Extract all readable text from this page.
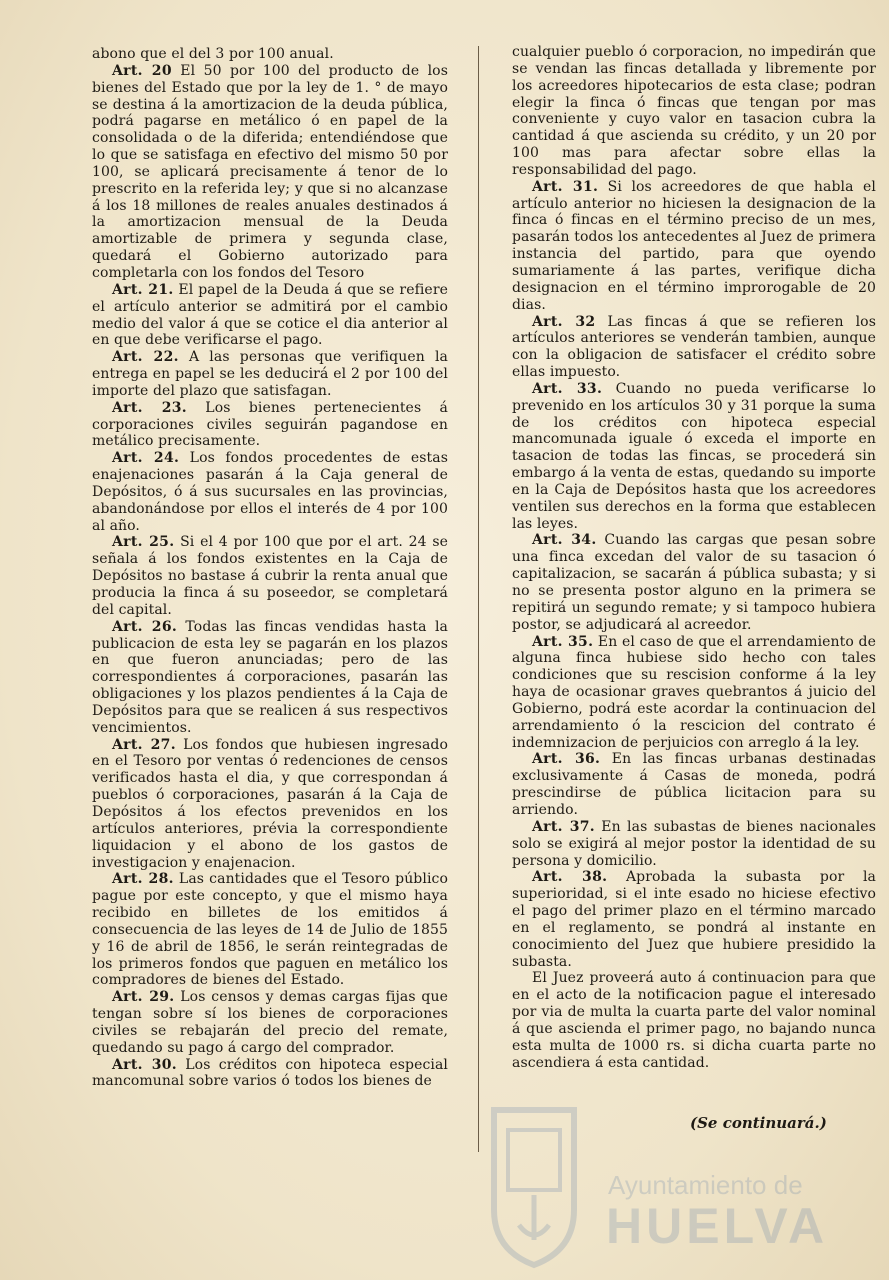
abono que el del 3 por 100 anual.

Art. 20 El 50 por 100 del producto de los bienes del Estado que por la ley de 1. ° de mayo se destina á la amortizacion de la deuda pública, podrá pagarse en metálico ó en papel de la consolidada o de la diferida; entendiéndose que lo que se satisfaga en efectivo del mismo 50 por 100, se aplicará precisamente á tenor de lo prescrito en la referida ley; y que si no alcanzase á los 18 millones de reales anuales destinados á la amortizacion mensual de la Deuda amortizable de primera y segunda clase, quedará el Gobierno autorizado para completarla con los fondos del Tesoro

Art. 21. El papel de la Deuda á que se refiere el artículo anterior se admitirá por el cambio medio del valor á que se cotice el dia anterior al en que debe verificarse el pago.

Art. 22. A las personas que verifiquen la entrega en papel se les deducirá el 2 por 100 del importe del plazo que satisfagan.

Art. 23. Los bienes pertenecientes á corporaciones civiles seguirán pagandose en metálico precisamente.

Art. 24. Los fondos procedentes de estas enajenaciones pasarán á la Caja general de Depósitos, ó á sus sucursales en las provincias, abandonándose por ellos el interés de 4 por 100 al año.

Art. 25. Si el 4 por 100 que por el art. 24 se señala á los fondos existentes en la Caja de Depósitos no bastase á cubrir la renta anual que producia la finca á su poseedor, se completará del capital.

Art. 26. Todas las fincas vendidas hasta la publicacion de esta ley se pagarán en los plazos en que fueron anunciadas; pero de las correspondientes á corporaciones, pasarán las obligaciones y los plazos pendientes á la Caja de Depósitos para que se realicen á sus respectivos vencimientos.

Art. 27. Los fondos que hubiesen ingresado en el Tesoro por ventas ó redenciones de censos verificados hasta el dia, y que correspondan á pueblos ó corporaciones, pasarán á la Caja de Depósitos á los efectos prevenidos en los artículos anteriores, prévia la correspondiente liquidacion y el abono de los gastos de investigacion y enajenacion.

Art. 28. Las cantidades que el Tesoro público pague por este concepto, y que el mismo haya recibido en billetes de los emitidos á consecuencia de las leyes de 14 de Julio de 1855 y 16 de abril de 1856, le serán reintegradas de los primeros fondos que paguen en metálico los compradores de bienes del Estado.

Art. 29. Los censos y demas cargas fijas que tengan sobre sí los bienes de corporaciones civiles se rebajarán del precio del remate, quedando su pago á cargo del comprador.

Art. 30. Los créditos con hipoteca especial mancomunal sobre varios ó todos los bienes de

cualquier pueblo ó corporacion, no impedirán que se vendan las fincas detallada y libremente por los acreedores hipotecarios de esta clase; podran elegir la finca ó fincas que tengan por mas conveniente y cuyo valor en tasacion cubra la cantidad á que ascienda su crédito, y un 20 por 100 mas para afectar sobre ellas la responsabilidad del pago.

Art. 31. Si los acreedores de que habla el artículo anterior no hiciesen la designacion de la finca ó fincas en el término preciso de un mes, pasarán todos los antecedentes al Juez de primera instancia del partido, para que oyendo sumariamente á las partes, verifique dicha designacion en el término improrogable de 20 dias.

Art. 32 Las fincas á que se refieren los artículos anteriores se venderán tambien, aunque con la obligacion de satisfacer el crédito sobre ellas impuesto.

Art. 33. Cuando no pueda verificarse lo prevenido en los artículos 30 y 31 porque la suma de los créditos con hipoteca especial mancomunada iguale ó exceda el importe en tasacion de todas las fincas, se procederá sin embargo á la venta de estas, quedando su importe en la Caja de Depósitos hasta que los acreedores ventilen sus derechos en la forma que establecen las leyes.

Art. 34. Cuando las cargas que pesan sobre una finca excedan del valor de su tasacion ó capitalizacion, se sacarán á pública subasta; y si no se presenta postor alguno en la primera se repitirá un segundo remate; y si tampoco hubiera postor, se adjudicará al acreedor.

Art. 35. En el caso de que el arrendamiento de alguna finca hubiese sido hecho con tales condiciones que su rescision conforme á la ley haya de ocasionar graves quebrantos á juicio del Gobierno, podrá este acordar la continuacion del arrendamiento ó la rescicion del contrato é indemnizacion de perjuicios con arreglo á la ley.

Art. 36. En las fincas urbanas destinadas exclusivamente á Casas de moneda, podrá prescindirse de pública licitacion para su arriendo.

Art. 37. En las subastas de bienes nacionales solo se exigirá al mejor postor la identidad de su persona y domicilio.

Art. 38. Aprobada la subasta por la superioridad, si el inte esado no hiciese efectivo el pago del primer plazo en el término marcado en el reglamento, se pondrá al instante en conocimiento del Juez que hubiere presidido la subasta.

El Juez proveerá auto á continuacion para que en el acto de la notificacion pague el interesado por via de multa la cuarta parte del valor nominal á que ascienda el primer pago, no bajando nunca esta multa de 1000 rs. si dicha cuarta parte no ascendiera á esta cantidad.

(Se continuará.)
Ayuntamiento de
HUELVA
